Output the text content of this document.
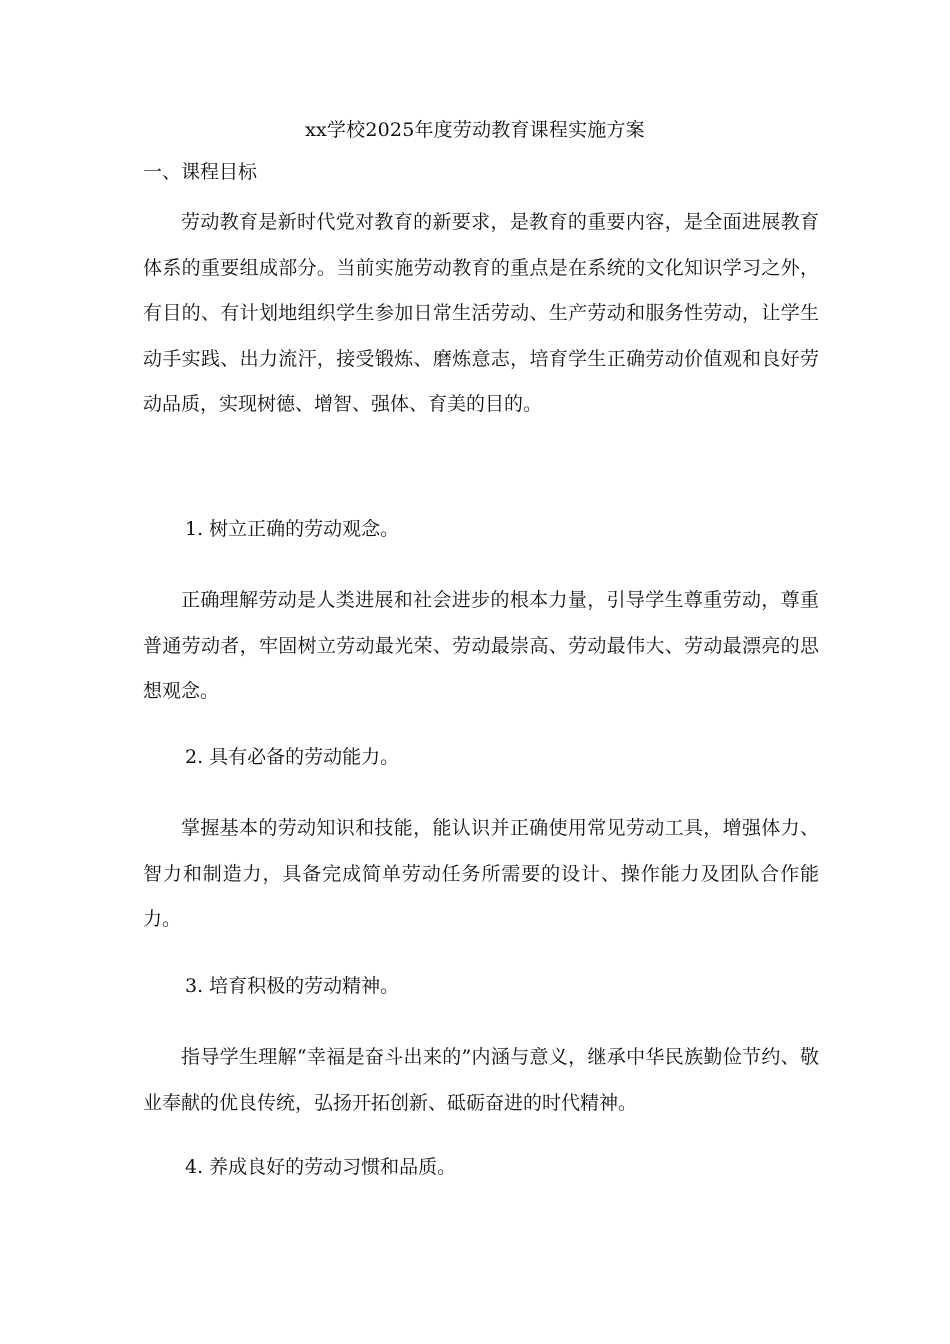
xx学校2025年度劳动教育课程实施方案
一、课程目标

劳动教育是新时代党对教育的新要求，是教育的重要内容，是全面进展教育体系的重要组成部分。当前实施劳动教育的重点是在系统的文化知识学习之外，有目的、有计划地组织学生参加日常生活劳动、生产劳动和服务性劳动，让学生动手实践、出力流汗，接受锻炼、磨炼意志，培育学生正确劳动价值观和良好劳动品质，实现树德、增智、强体、育美的目的。

1. 树立正确的劳动观念。

正确理解劳动是人类进展和社会进步的根本力量，引导学生尊重劳动，尊重普通劳动者，牢固树立劳动最光荣、劳动最崇高、劳动最伟大、劳动最漂亮的思想观念。

2. 具有必备的劳动能力。

掌握基本的劳动知识和技能，能认识并正确使用常见劳动工具，增强体力、智力和制造力，具备完成简单劳动任务所需要的设计、操作能力及团队合作能力。

3. 培育积极的劳动精神。

指导学生理解“幸福是奋斗出来的”内涵与意义，继承中华民族勤俭节约、敬业奉献的优良传统，弘扬开拓创新、砥砺奋进的时代精神。

4. 养成良好的劳动习惯和品质。
